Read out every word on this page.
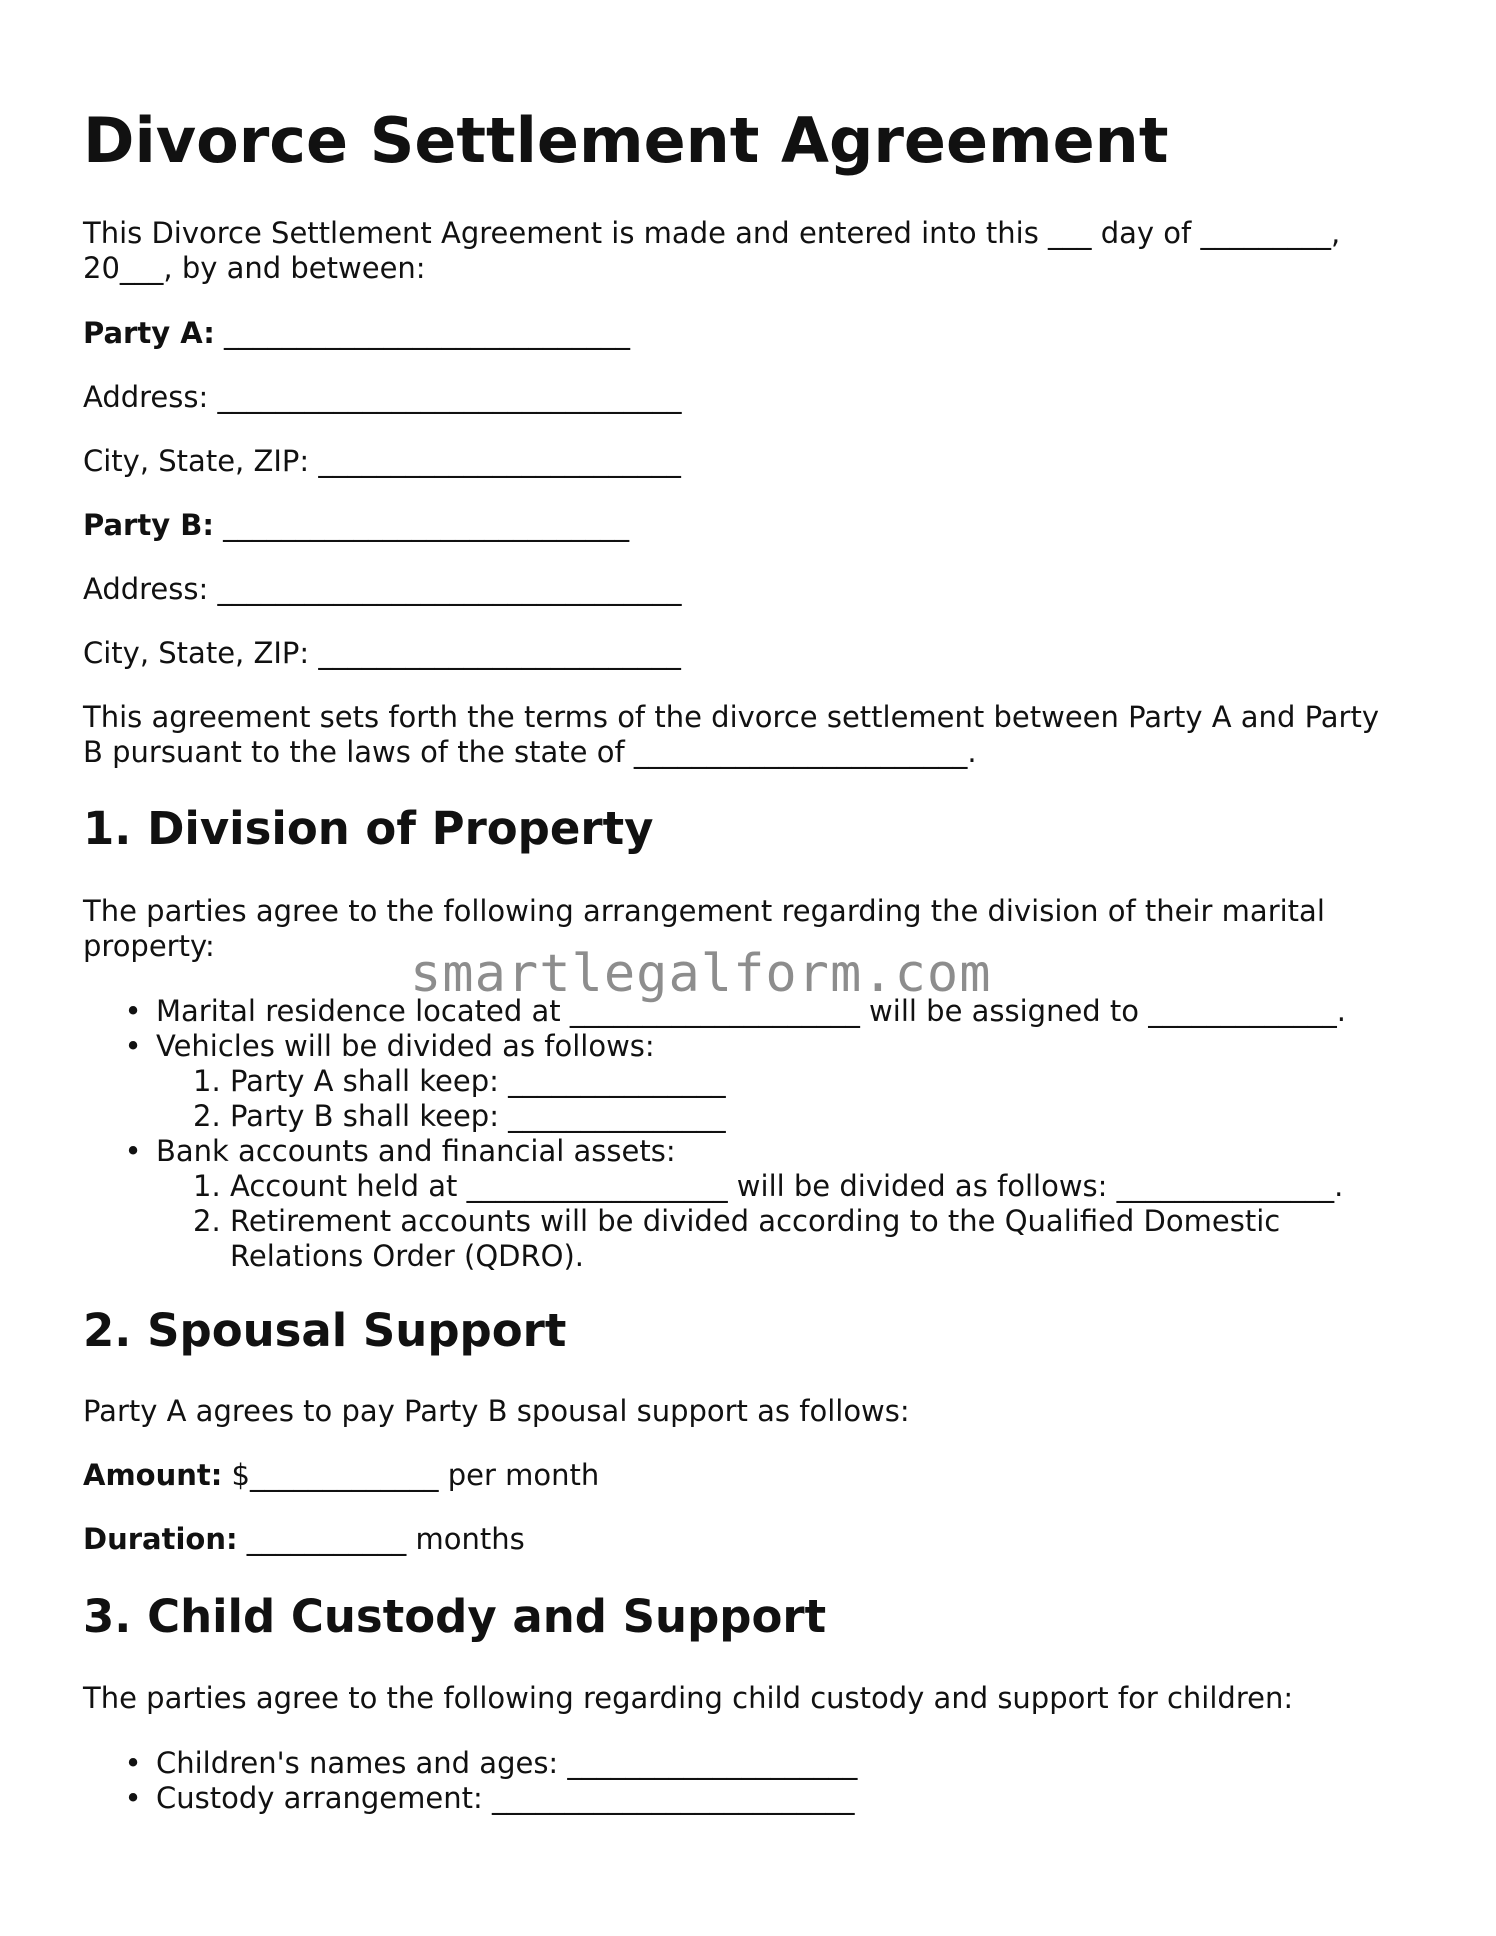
Divorce Settlement Agreement

This Divorce Settlement Agreement is made and entered into this ___ day of _________,
20___, by and between:

Party A: ____________________________

Address: ________________________________

City, State, ZIP: _________________________

Party B: ____________________________

Address: ________________________________

City, State, ZIP: _________________________

This agreement sets forth the terms of the divorce settlement between Party A and Party
B pursuant to the laws of the state of _______________________.

1. Division of Property

The parties agree to the following arrangement regarding the division of their marital
property:

• Marital residence located at ____________________ will be assigned to _____________.
• Vehicles will be divided as follows:
1. Party A shall keep: _______________
2. Party B shall keep: _______________
• Bank accounts and financial assets:
1. Account held at __________________ will be divided as follows: _______________.
2. Retirement accounts will be divided according to the Qualified Domestic Relations Order (QDRO).
2. Spousal Support

Party A agrees to pay Party B spousal support as follows:

Amount: $_____________ per month

Duration: ___________ months

3. Child Custody and Support

The parties agree to the following regarding child custody and support for children:

• Children's names and ages: ____________________
• Custody arrangement: _________________________
smartlegalform.com
